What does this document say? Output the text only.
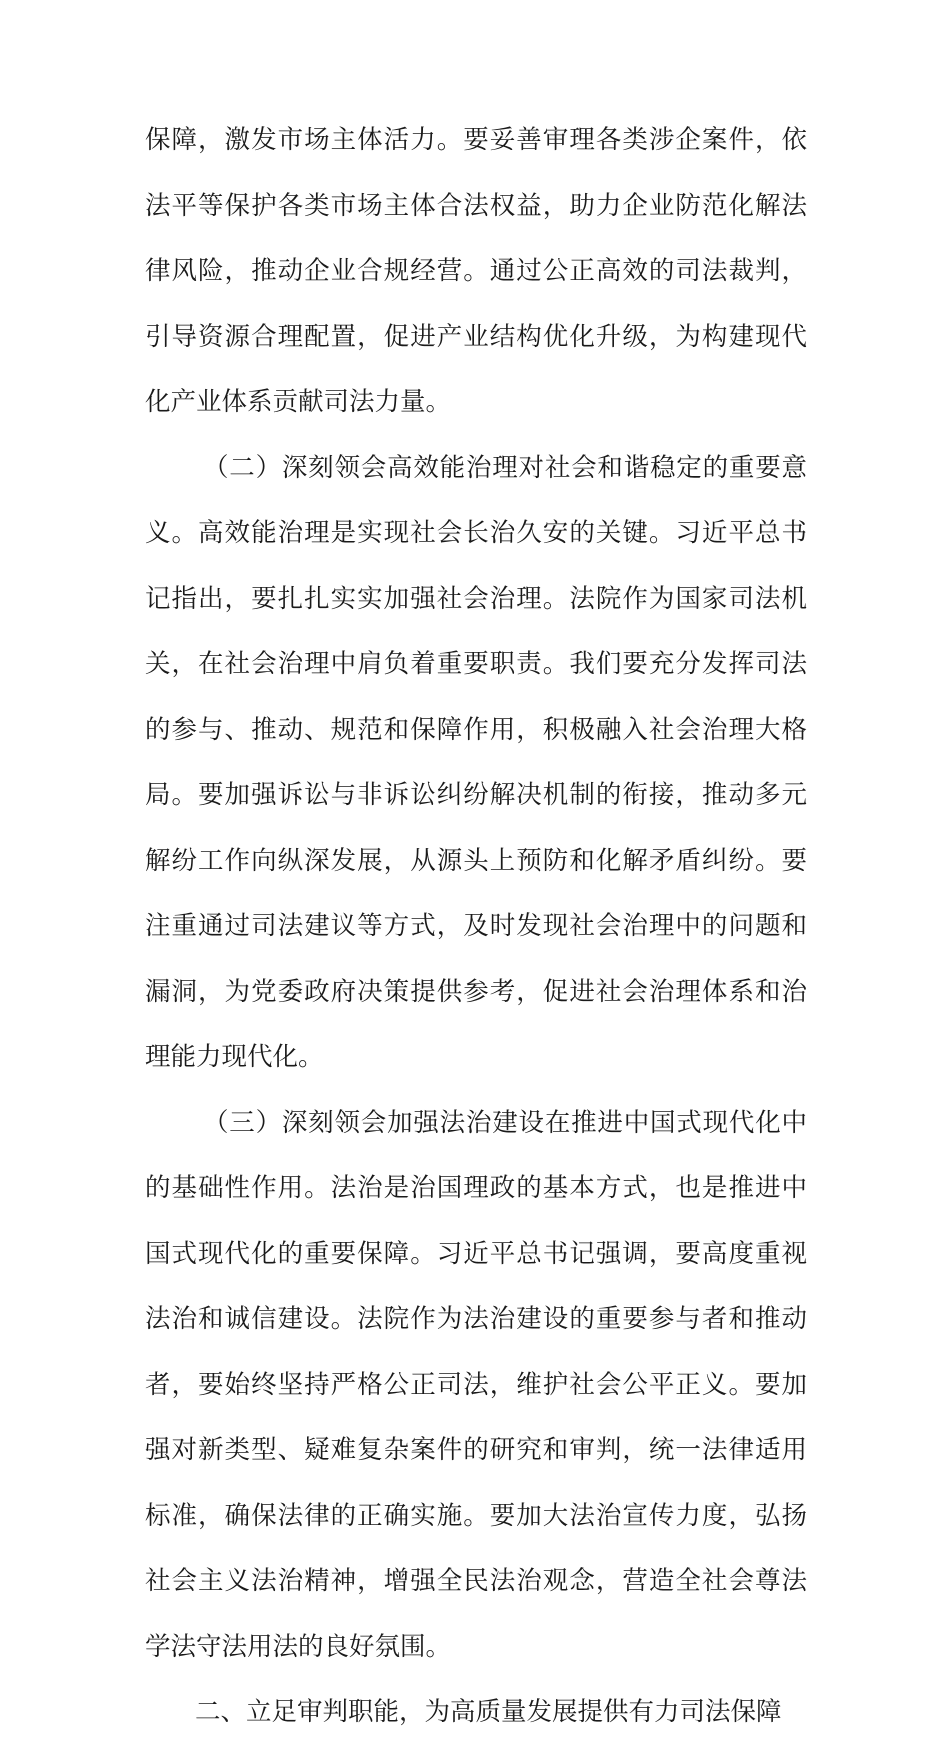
保障，激发市场主体活力。要妥善审理各类涉企案件，依
法平等保护各类市场主体合法权益，助力企业防范化解法
律风险，推动企业合规经营。通过公正高效的司法裁判，
引导资源合理配置，促进产业结构优化升级，为构建现代
化产业体系贡献司法力量。
（二）深刻领会高效能治理对社会和谐稳定的重要意
义。高效能治理是实现社会长治久安的关键。习近平总书
记指出，要扎扎实实加强社会治理。法院作为国家司法机
关，在社会治理中肩负着重要职责。我们要充分发挥司法
的参与、推动、规范和保障作用，积极融入社会治理大格
局。要加强诉讼与非诉讼纠纷解决机制的衔接，推动多元
解纷工作向纵深发展，从源头上预防和化解矛盾纠纷。要
注重通过司法建议等方式，及时发现社会治理中的问题和
漏洞，为党委政府决策提供参考，促进社会治理体系和治
理能力现代化。
（三）深刻领会加强法治建设在推进中国式现代化中
的基础性作用。法治是治国理政的基本方式，也是推进中
国式现代化的重要保障。习近平总书记强调，要高度重视
法治和诚信建设。法院作为法治建设的重要参与者和推动
者，要始终坚持严格公正司法，维护社会公平正义。要加
强对新类型、疑难复杂案件的研究和审判，统一法律适用
标准，确保法律的正确实施。要加大法治宣传力度，弘扬
社会主义法治精神，增强全民法治观念，营造全社会尊法
学法守法用法的良好氛围。
二、立足审判职能，为高质量发展提供有力司法保障
